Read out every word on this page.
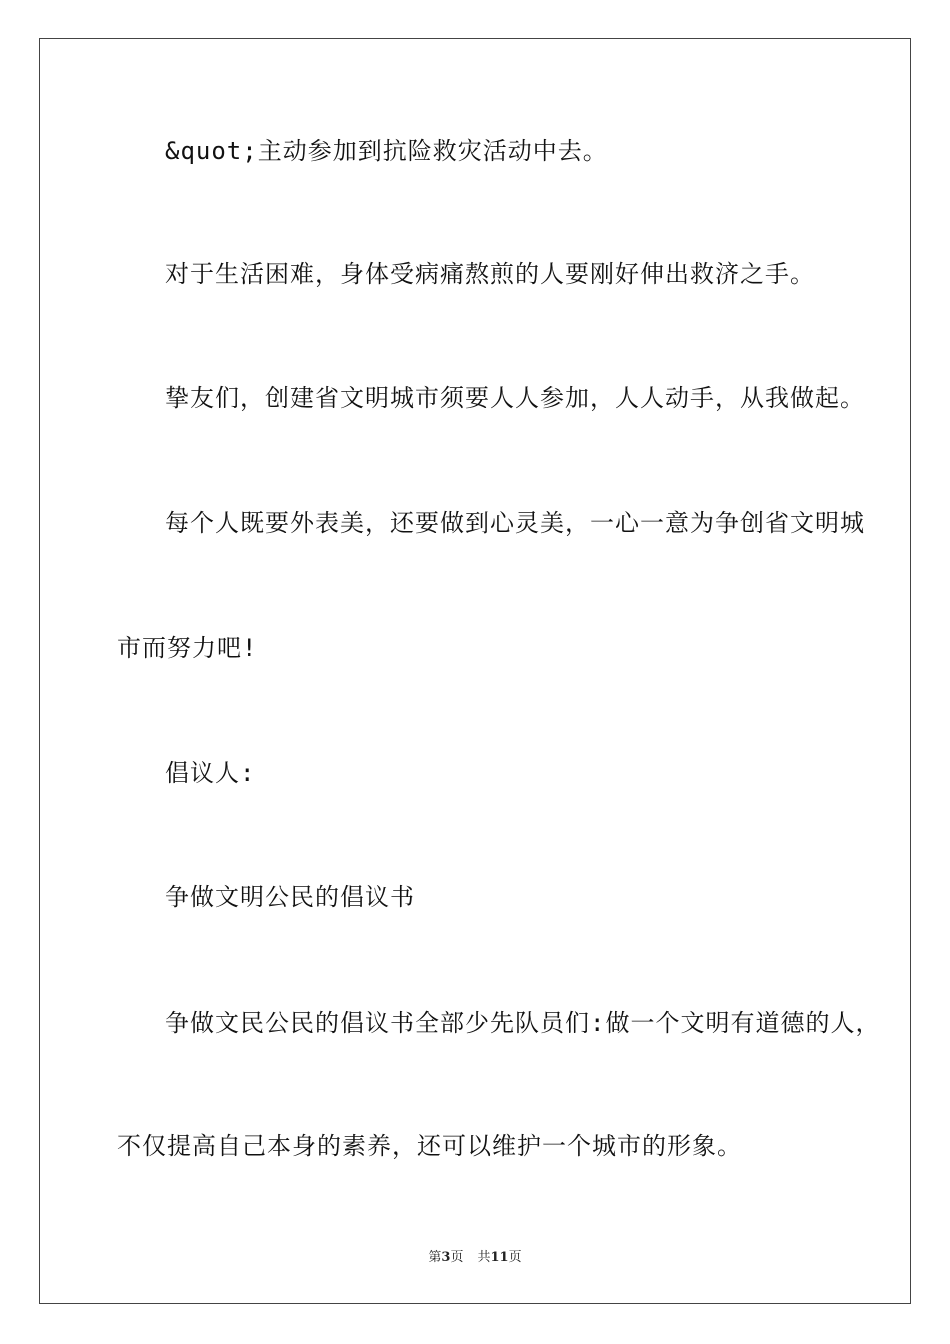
&quot;主动参加到抗险救灾活动中去。
对于生活困难，身体受病痛熬煎的人要刚好伸出救济之手。
挚友们，创建省文明城市须要人人参加，人人动手，从我做起。
每个人既要外表美，还要做到心灵美，一心一意为争创省文明城
市而努力吧!
倡议人:
争做文明公民的倡议书
争做文民公民的倡议书全部少先队员们:做一个文明有道德的人，
不仅提高自己本身的素养，还可以维护一个城市的形象。
第3页 共11页
